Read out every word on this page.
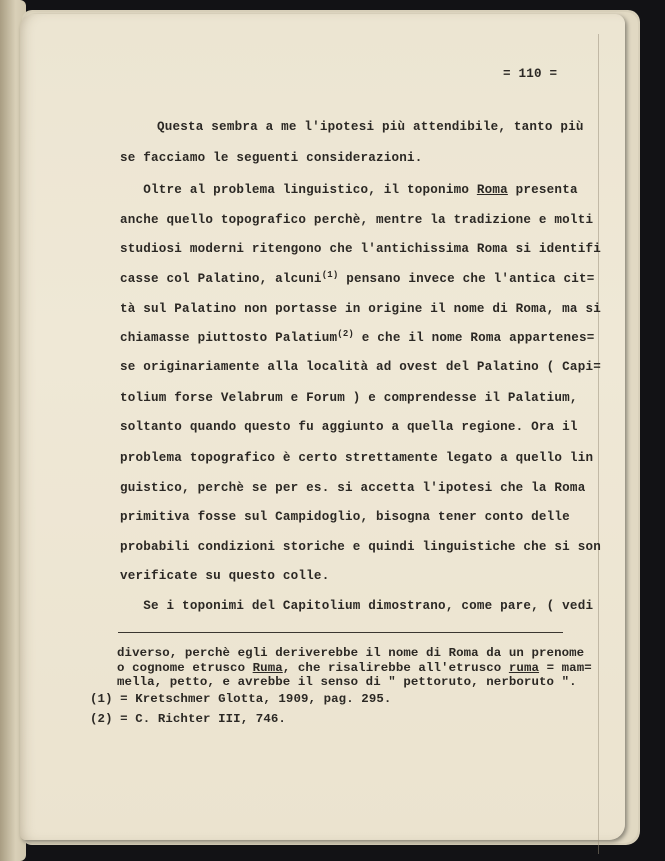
= 110 =
Questa sembra a me l'ipotesi più attendibile, tanto più
se facciamo le seguenti considerazioni.
Oltre al problema linguistico, il toponimo Roma presenta
anche quello topografico perchè, mentre la tradizione e molti
studiosi moderni ritengono che l'antichissima Roma si identifi
casse col Palatino, alcuni$^{(1)}$ pensano invece che l'antica cit=
tà sul Palatino non portasse in origine il nome di Roma, ma si
chiamasse piuttosto Palatium$^{(2)}$ e che il nome Roma appartenes=
se originariamente alla località ad ovest del Palatino ( Capi=
tolium forse Velabrum e Forum ) e comprendesse il Palatium,
soltanto quando questo fu aggiunto a quella regione. Ora il
problema topografico è certo strettamente legato a quello lin
guistico, perchè se per es. si accetta l'ipotesi che la Roma
primitiva fosse sul Campidoglio, bisogna tener conto delle
probabili condizioni storiche e quindi linguistiche che si son
verificate su questo colle.
Se i toponimi del Capitolium dimostrano, come pare, ( vedi
diverso, perchè egli deriverebbe il nome di Roma da un prenome
o cognome etrusco Ruma, che risalirebbe all'etrusco ruma = mam=
mella, petto, e avrebbe il senso di " pettoruto, nerboruto ".
(1) = Kretschmer Glotta, 1909, pag. 295.
(2) = C. Richter III, 746.
